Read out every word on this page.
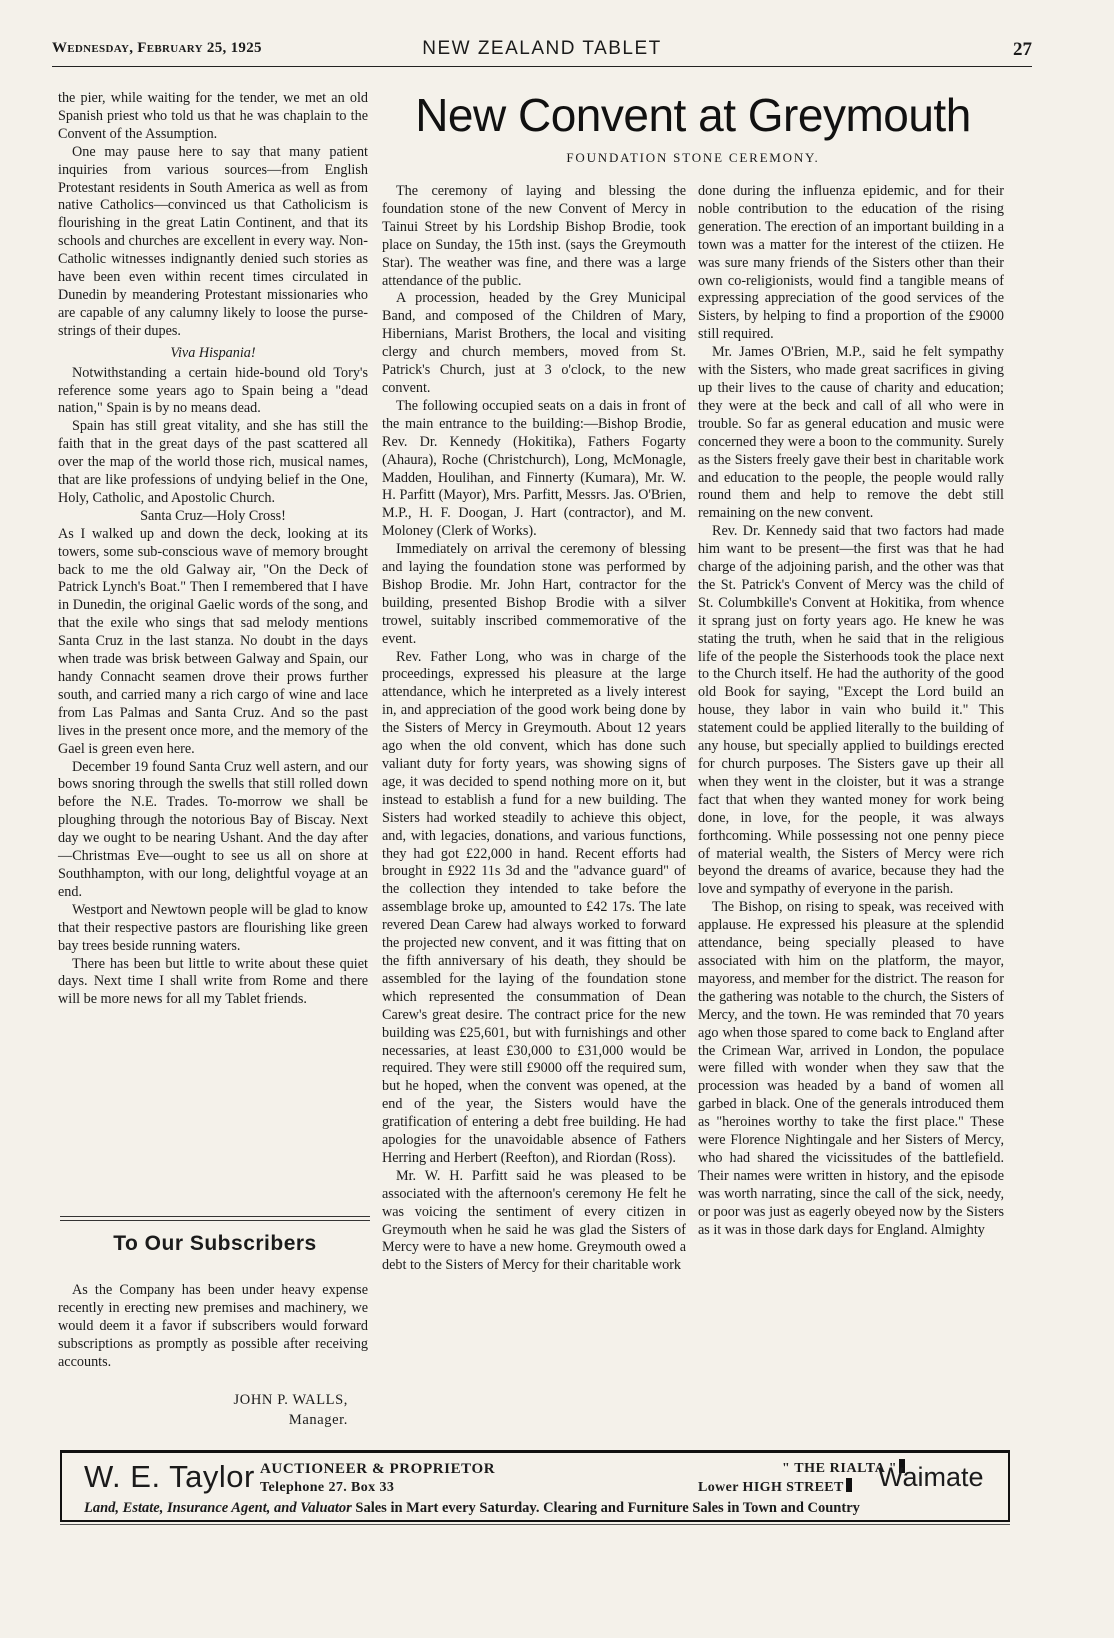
Wednesday, February 25, 1925	NEW ZEALAND TABLET	27

the pier, while waiting for the tender, we met an old Spanish priest who told us that he was chaplain to the Convent of the Assumption.

One may pause here to say that many patient inquiries from various sources—from English Protestant residents in South America as well as from native Catholics—convinced us that Catholicism is flourishing in the great Latin Continent, and that its schools and churches are excellent in every way. Non-Catholic witnesses indignantly denied such stories as have been even within recent times circulated in Dunedin by meandering Protestant missionaries who are capable of any calumny likely to loose the purse-strings of their dupes.

Viva Hispania!

Notwithstanding a certain hide-bound old Tory's reference some years ago to Spain being a "dead nation," Spain is by no means dead.

Spain has still great vitality, and she has still the faith that in the great days of the past scattered all over the map of the world those rich, musical names, that are like professions of undying belief in the One, Holy, Catholic, and Apostolic Church.

Santa Cruz—Holy Cross!

As I walked up and down the deck, looking at its towers, some sub-conscious wave of memory brought back to me the old Galway air, "On the Deck of Patrick Lynch's Boat." Then I remembered that I have in Dunedin, the original Gaelic words of the song, and that the exile who sings that sad melody mentions Santa Cruz in the last stanza. No doubt in the days when trade was brisk between Galway and Spain, our handy Connacht seamen drove their prows further south, and carried many a rich cargo of wine and lace from Las Palmas and Santa Cruz. And so the past lives in the present once more, and the memory of the Gael is green even here.

December 19 found Santa Cruz well astern, and our bows snoring through the swells that still rolled down before the N.E. Trades. To-morrow we shall be ploughing through the notorious Bay of Biscay. Next day we ought to be nearing Ushant. And the day after—Christmas Eve—ought to see us all on shore at Southhampton, with our long, delightful voyage at an end.

Westport and Newtown people will be glad to know that their respective pastors are flourishing like green bay trees beside running waters.

There has been but little to write about these quiet days. Next time I shall write from Rome and there will be more news for all my Tablet friends.

To Our Subscribers

As the Company has been under heavy expense recently in erecting new premises and machinery, we would deem it a favor if subscribers would forward subscriptions as promptly as possible after receiving accounts.

JOHN P. WALLS,
Manager.
New Convent at Greymouth
FOUNDATION STONE CEREMONY.

The ceremony of laying and blessing the foundation stone of the new Convent of Mercy in Tainui Street by his Lordship Bishop Brodie, took place on Sunday, the 15th inst. (says the Greymouth Star). The weather was fine, and there was a large attendance of the public.

A procession, headed by the Grey Municipal Band, and composed of the Children of Mary, Hibernians, Marist Brothers, the local and visiting clergy and church members, moved from St. Patrick's Church, just at 3 o'clock, to the new convent.

The following occupied seats on a dais in front of the main entrance to the building:—Bishop Brodie, Rev. Dr. Kennedy (Hokitika), Fathers Fogarty (Ahaura), Roche (Christchurch), Long, McMonagle, Madden, Houlihan, and Finnerty (Kumara), Mr. W. H. Parfitt (Mayor), Mrs. Parfitt, Messrs. Jas. O'Brien, M.P., H. F. Doogan, J. Hart (contractor), and M. Moloney (Clerk of Works).

Immediately on arrival the ceremony of blessing and laying the foundation stone was performed by Bishop Brodie. Mr. John Hart, contractor for the building, presented Bishop Brodie with a silver trowel, suitably inscribed commemorative of the event.

Rev. Father Long, who was in charge of the proceedings, expressed his pleasure at the large attendance, which he interpreted as a lively interest in, and appreciation of the good work being done by the Sisters of Mercy in Greymouth. About 12 years ago when the old convent, which has done such valiant duty for forty years, was showing signs of age, it was decided to spend nothing more on it, but instead to establish a fund for a new building. The Sisters had worked steadily to achieve this object, and, with legacies, donations, and various functions, they had got £22,000 in hand. Recent efforts had brought in £922 11s 3d and the "advance guard" of the collection they intended to take before the assemblage broke up, amounted to £42 17s. The late revered Dean Carew had always worked to forward the projected new convent, and it was fitting that on the fifth anniversary of his death, they should be assembled for the laying of the foundation stone which represented the consummation of Dean Carew's great desire. The contract price for the new building was £25,601, but with furnishings and other necessaries, at least £30,000 to £31,000 would be required. They were still £9000 off the required sum, but he hoped, when the convent was opened, at the end of the year, the Sisters would have the gratification of entering a debt free building. He had apologies for the unavoidable absence of Fathers Herring and Herbert (Reefton), and Riordan (Ross).

Mr. W. H. Parfitt said he was pleased to be associated with the afternoon's ceremony He felt he was voicing the sentiment of every citizen in Greymouth when he said he was glad the Sisters of Mercy were to have a new home. Greymouth owed a debt to the Sisters of Mercy for their charitable work

done during the influenza epidemic, and for their noble contribution to the education of the rising generation. The erection of an important building in a town was a matter for the interest of the ctiizen. He was sure many friends of the Sisters other than their own co-religionists, would find a tangible means of expressing appreciation of the good services of the Sisters, by helping to find a proportion of the £9000 still required.

Mr. James O'Brien, M.P., said he felt sympathy with the Sisters, who made great sacrifices in giving up their lives to the cause of charity and education; they were at the beck and call of all who were in trouble. So far as general education and music were concerned they were a boon to the community. Surely as the Sisters freely gave their best in charitable work and education to the people, the people would rally round them and help to remove the debt still remaining on the new convent.

Rev. Dr. Kennedy said that two factors had made him want to be present—the first was that he had charge of the adjoining parish, and the other was that the St. Patrick's Convent of Mercy was the child of St. Columbkille's Convent at Hokitika, from whence it sprang just on forty years ago. He knew he was stating the truth, when he said that in the religious life of the people the Sisterhoods took the place next to the Church itself. He had the authority of the good old Book for saying, "Except the Lord build an house, they labor in vain who build it." This statement could be applied literally to the building of any house, but specially applied to buildings erected for church purposes. The Sisters gave up their all when they went in the cloister, but it was a strange fact that when they wanted money for work being done, in love, for the people, it was always forthcoming. While possessing not one penny piece of material wealth, the Sisters of Mercy were rich beyond the dreams of avarice, because they had the love and sympathy of everyone in the parish.

The Bishop, on rising to speak, was received with applause. He expressed his pleasure at the splendid attendance, being specially pleased to have associated with him on the platform, the mayor, mayoress, and member for the district. The reason for the gathering was notable to the church, the Sisters of Mercy, and the town. He was reminded that 70 years ago when those spared to come back to England after the Crimean War, arrived in London, the populace were filled with wonder when they saw that the procession was headed by a band of women all garbed in black. One of the generals introduced them as "heroines worthy to take the first place." These were Florence Nightingale and her Sisters of Mercy, who had shared the vicissitudes of the battlefield. Their names were written in history, and the episode was worth narrating, since the call of the sick, needy, or poor was just as eagerly obeyed now by the Sisters as it was in those dark days for England. Almighty

W. E. Taylor AUCTIONEER & PROPRIETOR
Telephone 27. Box 33
Land, Estate, Insurance Agent, and Valuator Sales in Mart every Saturday. Clearing and Furniture Sales in Town and Country
" THE RIALTA "
Lower HIGH STREET	Waimate
